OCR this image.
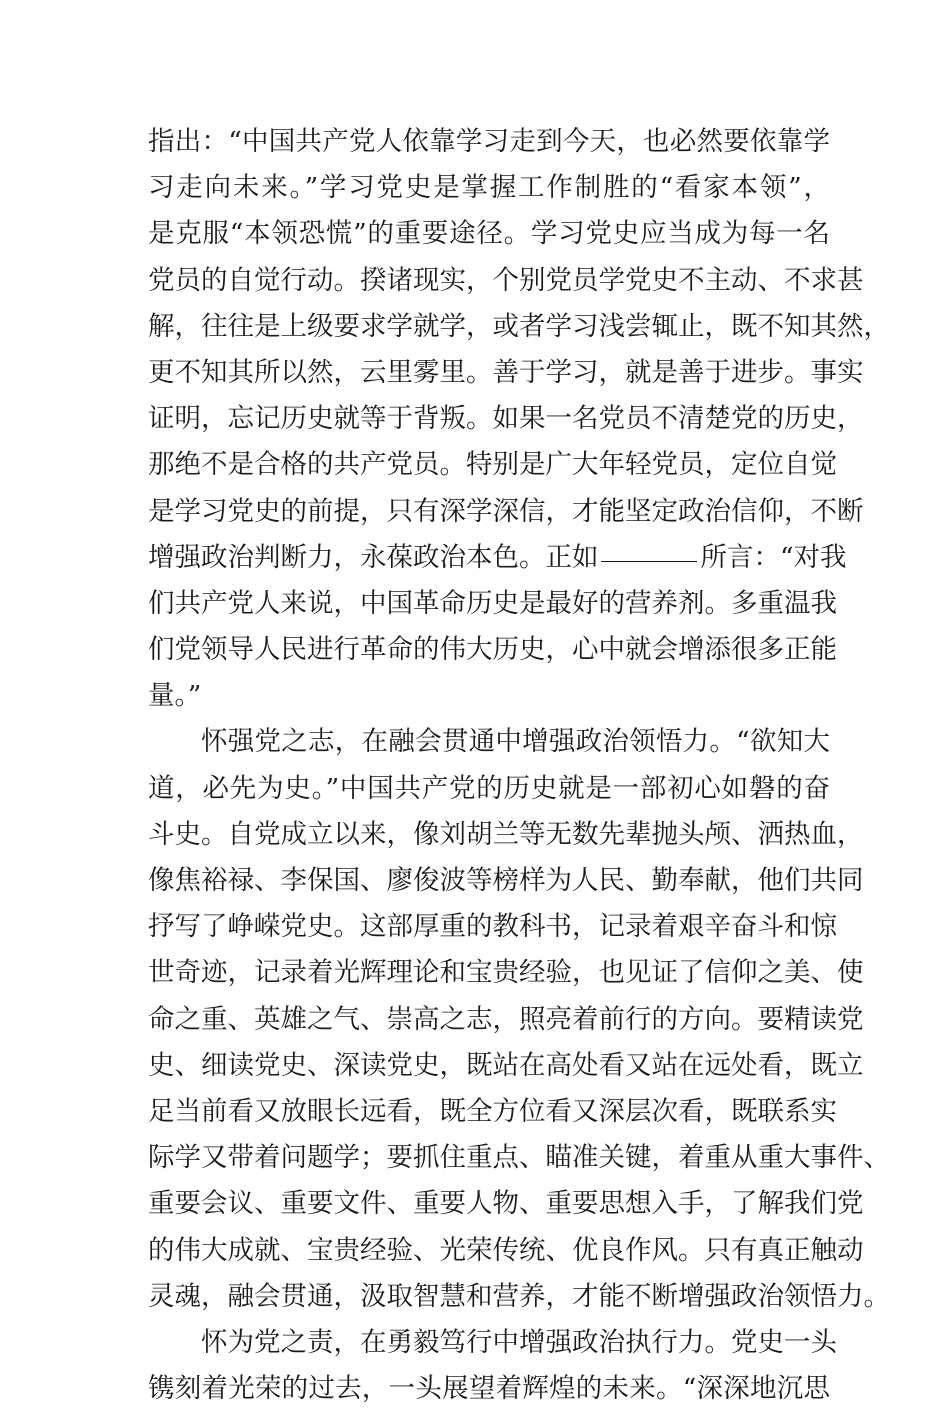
指出：“中国共产党人依靠学习走到今天，也必然要依靠学
习走向未来。”学习党史是掌握工作制胜的“看家本领”，
是克服“本领恐慌”的重要途径。学习党史应当成为每一名
党员的自觉行动。揆诸现实，个别党员学党史不主动、不求甚
解，往往是上级要求学就学，或者学习浅尝辄止，既不知其然，
更不知其所以然，云里雾里。善于学习，就是善于进步。事实
证明，忘记历史就等于背叛。如果一名党员不清楚党的历史，
那绝不是合格的共产党员。特别是广大年轻党员，定位自觉
是学习党史的前提，只有深学深信，才能坚定政治信仰，不断
增强政治判断力，永葆政治本色。正如	所言：“对我
们共产党人来说，中国革命历史是最好的营养剂。多重温我
们党领导人民进行革命的伟大历史，心中就会增添很多正能
量。”
怀强党之志，在融会贯通中增强政治领悟力。“欲知大
道，必先为史。”中国共产党的历史就是一部初心如磐的奋
斗史。自党成立以来，像刘胡兰等无数先辈抛头颅、洒热血，
像焦裕禄、李保国、廖俊波等榜样为人民、勤奉献，他们共同
抒写了峥嵘党史。这部厚重的教科书，记录着艰辛奋斗和惊
世奇迹，记录着光辉理论和宝贵经验，也见证了信仰之美、使
命之重、英雄之气、崇高之志，照亮着前行的方向。要精读党
史、细读党史、深读党史，既站在高处看又站在远处看，既立
足当前看又放眼长远看，既全方位看又深层次看，既联系实
际学又带着问题学；要抓住重点、瞄准关键，着重从重大事件、
重要会议、重要文件、重要人物、重要思想入手，了解我们党
的伟大成就、宝贵经验、光荣传统、优良作风。只有真正触动
灵魂，融会贯通，汲取智慧和营养，才能不断增强政治领悟力。
怀为党之责，在勇毅笃行中增强政治执行力。党史一头
镌刻着光荣的过去，一头展望着辉煌的未来。“深深地沉思
